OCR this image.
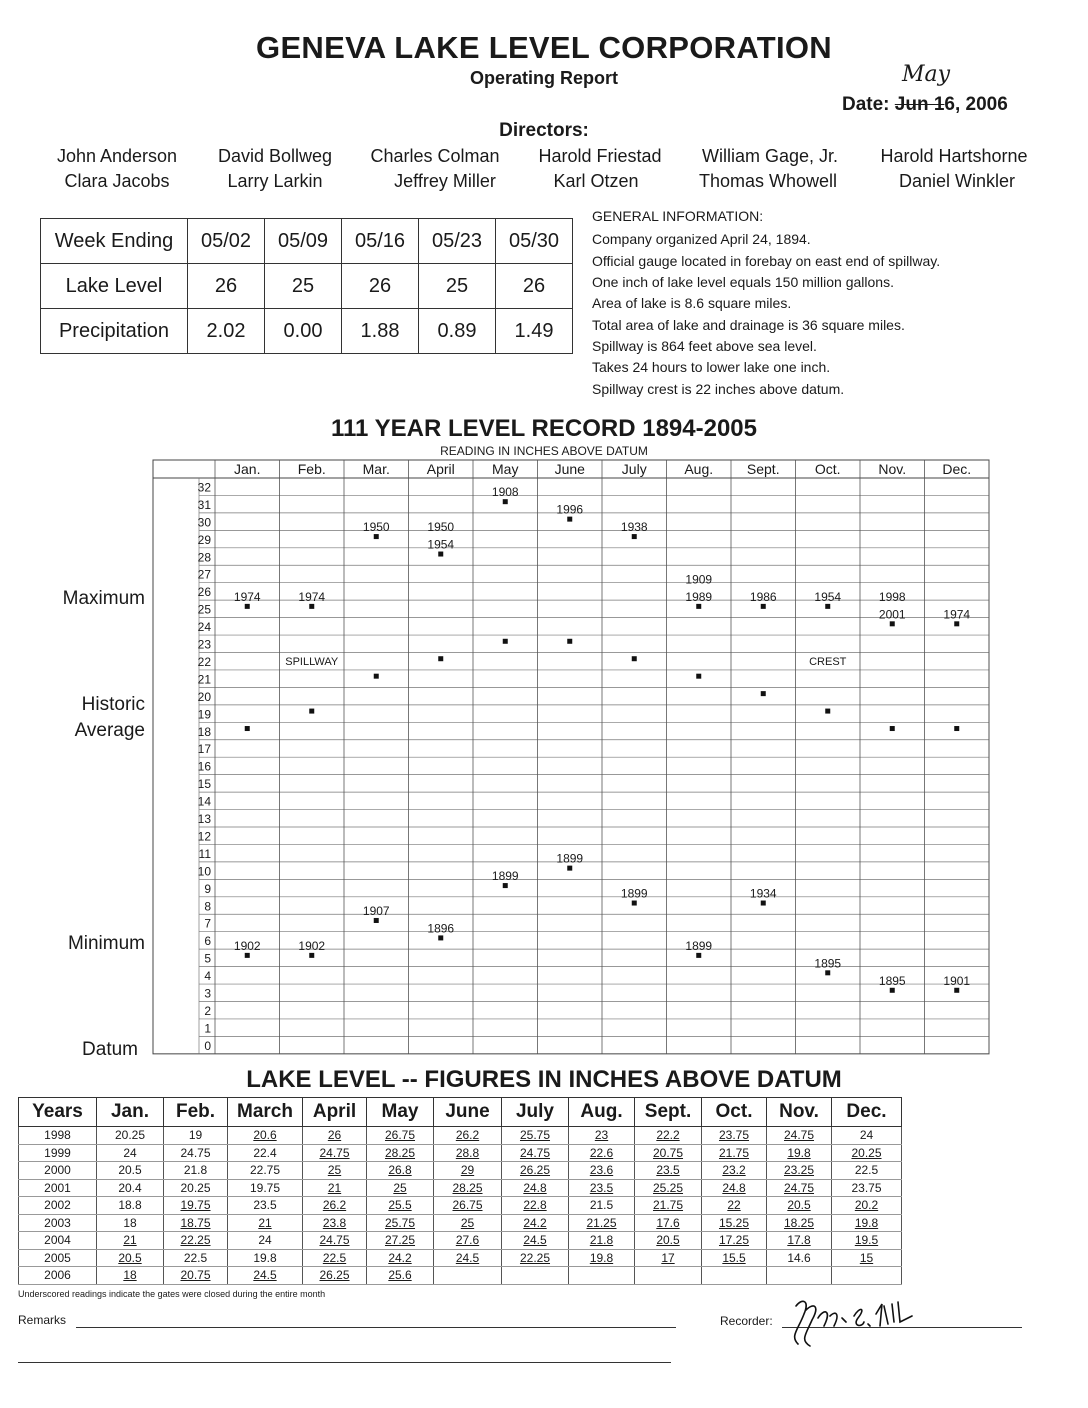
GENEVA LAKE LEVEL CORPORATION
Operating Report	May
Date: Jun 16, 2006
Directors:
John Anderson	David Bollweg	Charles Colman	Harold Friestad	William Gage, Jr.	Harold Hartshorne
Clara Jacobs	Larry Larkin	Jeffrey Miller	Karl Otzen	Thomas Whowell	Daniel Winkler
Week Ending	05/02	05/09	05/16	05/23	05/30
Lake Level	26	25	26	25	26
Precipitation	2.02	0.00	1.88	0.89	1.49
GENERAL INFORMATION:
Company organized April 24, 1894.
Official gauge located in forebay on east end of spillway.
One inch of lake level equals 150 million gallons.
Area of lake is 8.6 square miles.
Total area of lake and drainage is 36 square miles.
Spillway is 864 feet above sea level.
Takes 24 hours to lower lake one inch.
Spillway crest is 22 inches above datum.
111 YEAR LEVEL RECORD 1894-2005
READING IN INCHES ABOVE DATUM
Maximum
Historic
Average
Minimum
Datum
Jan.	Feb.	Mar.	April	May	June	July	Aug. Sept.	Oct.	Nov.	Dec.
32
31
30
29
28
27
26
25
24
23
22
21
20
19
18
17
16
15
14
13
12
11
10
9
8
7
6
5
4
3
2
1
0
1974	1974
1950	1950
1954
1908
1996
1938
1909
1989	1986	1954	1998
2001	1974
1902	1902
1907
1896
1899
1899
1899
1899
1934
1895
1895	1901
SPILLWAY	CREST
LAKE LEVEL -- FIGURES IN INCHES ABOVE DATUM
Years	Jan.	Feb.	March	April	May	June	July	Aug.	Sept.	Oct.	Nov.	Dec.
1998	20.25	19	20.6	26	26.75	26.2	25.75	23	22.2	23.75	24.75	24
1999	24	24.75	22.4	24.75	28.25	28.8	24.75	22.6	20.75	21.75	19.8	20.25
2000	20.5	21.8	22.75	25	26.8	29	26.25	23.6	23.5	23.2	23.25	22.5
2001	20.4	20.25	19.75	21	25	28.25	24.8	23.5	25.25	24.8	24.75	23.75
2002	18.8	19.75	23.5	26.2	25.5	26.75	22.8	21.5	21.75	22	20.5	20.2
2003	18	18.75	21	23.8	25.75	25	24.2	21.25	17.6	15.25	18.25	19.8
2004	21	22.25	24	24.75	27.25	27.6	24.5	21.8	20.5	17.25	17.8	19.5
2005	20.5	22.5	19.8	22.5	24.2	24.5	22.25	19.8	17	15.5	14.6	15
2006	18	20.75	24.5	26.25	25.6							
Underscored readings indicate the gates were closed during the entire month
Remarks	Recorder:
